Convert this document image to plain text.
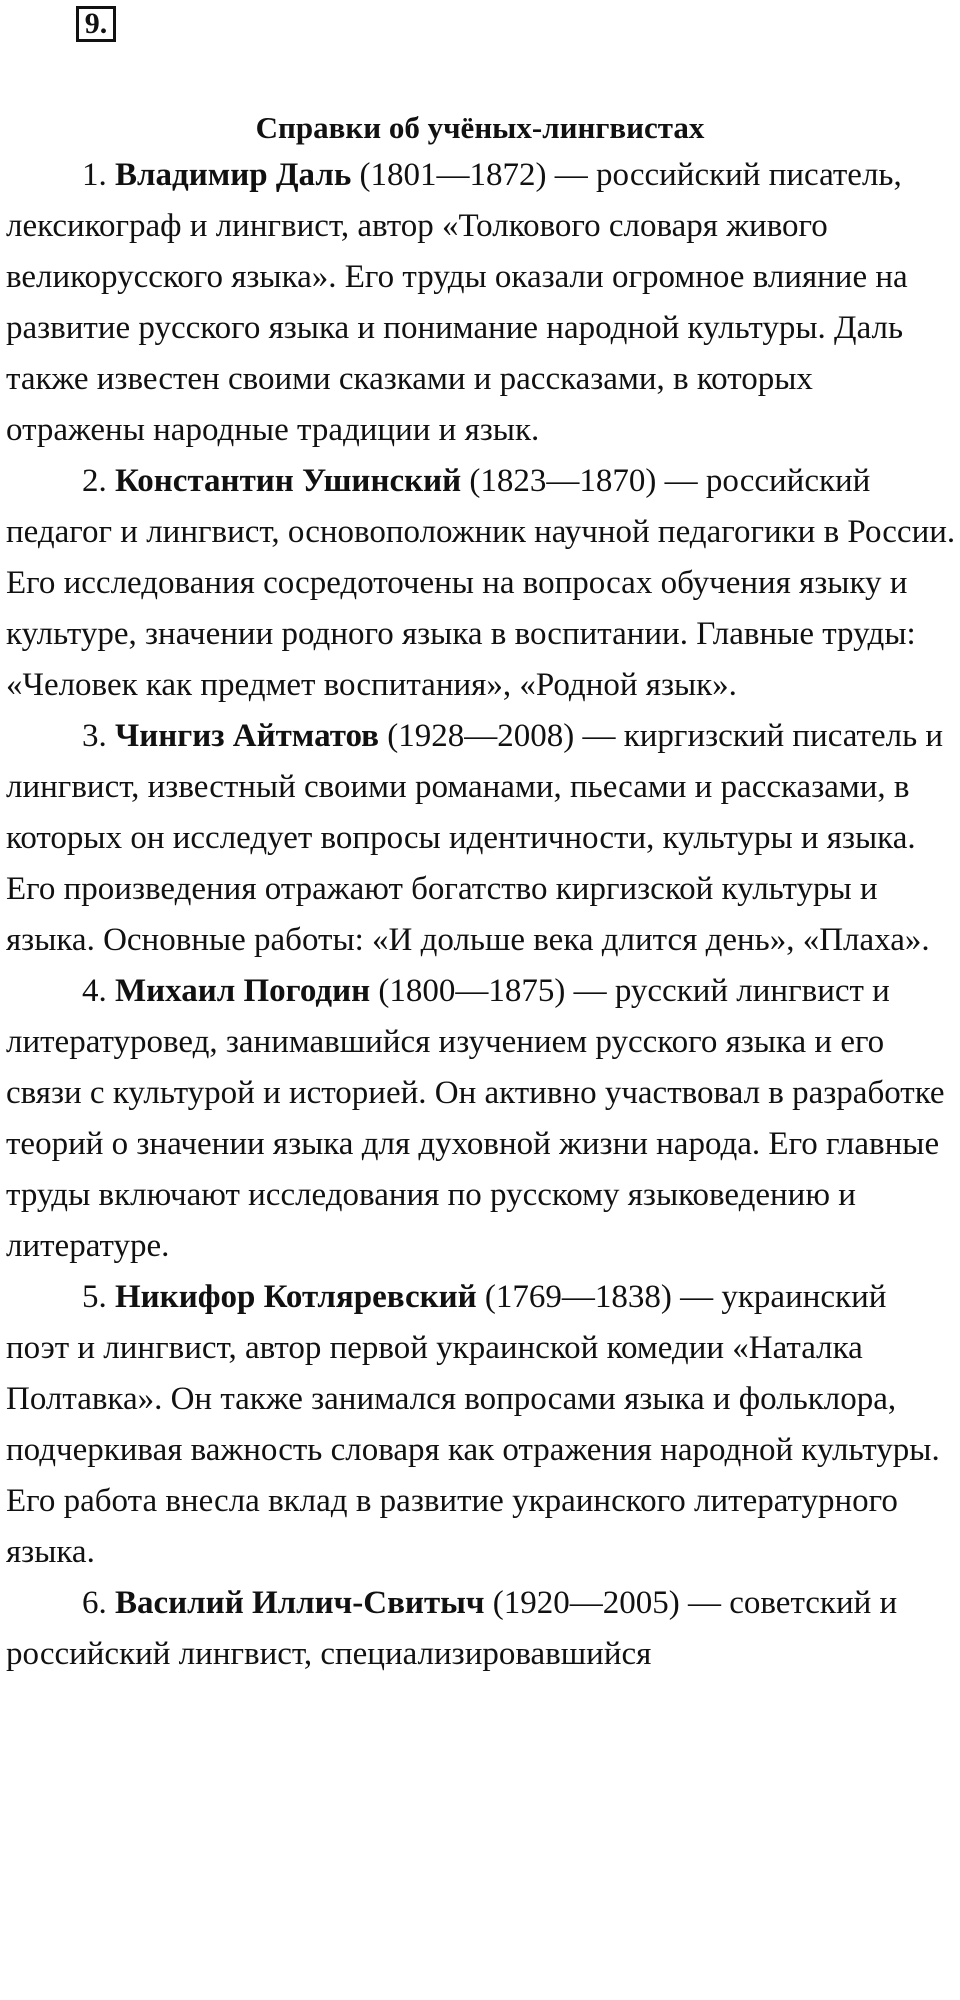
9.
Справки об учёных-лингвистах

1. Владимир Даль (1801—1872) — российский писатель, лексикограф и лингвист, автор «Толкового словаря живого великорусского языка». Его труды оказали огромное влияние на развитие русского языка и понимание народной культуры. Даль также известен своими сказками и рассказами, в которых отражены народные традиции и язык.

2. Константин Ушинский (1823—1870) — российский педагог и лингвист, основоположник научной педагогики в России. Его исследования сосредоточены на вопросах обучения языку и культуре, значении родного языка в воспитании. Главные труды: «Человек как предмет воспитания», «Родной язык».

3. Чингиз Айтматов (1928—2008) — киргизский писатель и лингвист, известный своими романами, пьесами и рассказами, в которых он исследует вопросы идентичности, культуры и языка. Его произведения отражают богатство киргизской культуры и языка. Основные работы: «И дольше века длится день», «Плаха».

4. Михаил Погодин (1800—1875) — русский лингвист и литературовед, занимавшийся изучением русского языка и его связи с культурой и историей. Он активно участвовал в разработке теорий о значении языка для духовной жизни народа. Его главные труды включают исследования по русскому языковедению и литературе.

5. Никифор Котляревский (1769—1838) — украинский поэт и лингвист, автор первой украинской комедии «Наталка Полтавка». Он также занимался вопросами языка и фольклора, подчеркивая важность словаря как отражения народной культуры. Его работа внесла вклад в развитие украинского литературного языка.

6. Василий Иллич-Свитыч (1920—2005) — советский и российский лингвист, специализировавшийся
